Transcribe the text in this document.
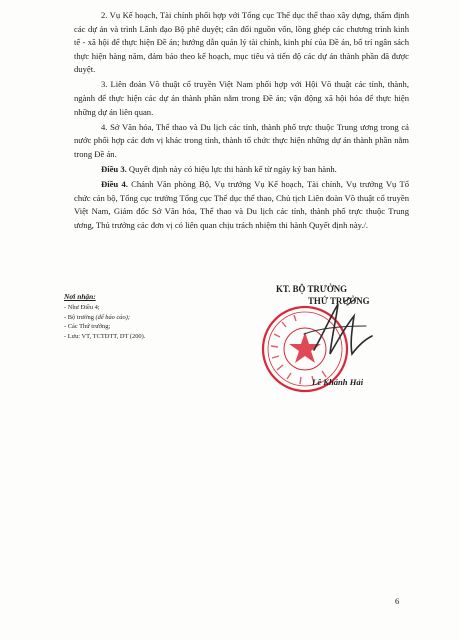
2. Vụ Kế hoạch, Tài chính phối hợp với Tổng cục Thể dục thể thao xây dựng, thẩm định các dự án và trình Lãnh đạo Bộ phê duyệt; cân đối nguồn vốn, lồng ghép các chương trình kinh tế - xã hội để thực hiện Đề án; hướng dẫn quản lý tài chính, kinh phí của Đề án, bố trí ngân sách thực hiện hàng năm, đảm bảo theo kế hoạch, mục tiêu và tiến độ các dự án thành phần đã được duyệt.

3. Liên đoàn Võ thuật cổ truyền Việt Nam phối hợp với Hội Võ thuật các tỉnh, thành, ngành để thực hiện các dự án thành phần nằm trong Đề án; vận động xã hội hóa để thực hiện những dự án liên quan.

4. Sở Văn hóa, Thể thao và Du lịch các tỉnh, thành phố trực thuộc Trung ương trong cả nước phối hợp các đơn vị khác trong tỉnh, thành tổ chức thực hiện những dự án thành phần nằm trong Đề án.

Điều 3. Quyết định này có hiệu lực thi hành kể từ ngày ký ban hành.

Điều 4. Chánh Văn phòng Bộ, Vụ trưởng Vụ Kế hoạch, Tài chính, Vụ trưởng Vụ Tổ chức cán bộ, Tổng cục trưởng Tổng cục Thể dục thể thao, Chủ tịch Liên đoàn Võ thuật cổ truyền Việt Nam, Giám đốc Sở Văn hóa, Thể thao và Du lịch các tỉnh, thành phố trực thuộc Trung ương, Thủ trưởng các đơn vị có liên quan chịu trách nhiệm thi hành Quyết định này./.

Nơi nhận:
- Như Điều 4;
- Bộ trưởng (để báo cáo);
- Các Thứ trưởng;
- Lưu: VT, TCTDTT, DT (200).
KT. BỘ TRƯỞNG
THỨ TRƯỞNG
Lê Khánh Hải
6
